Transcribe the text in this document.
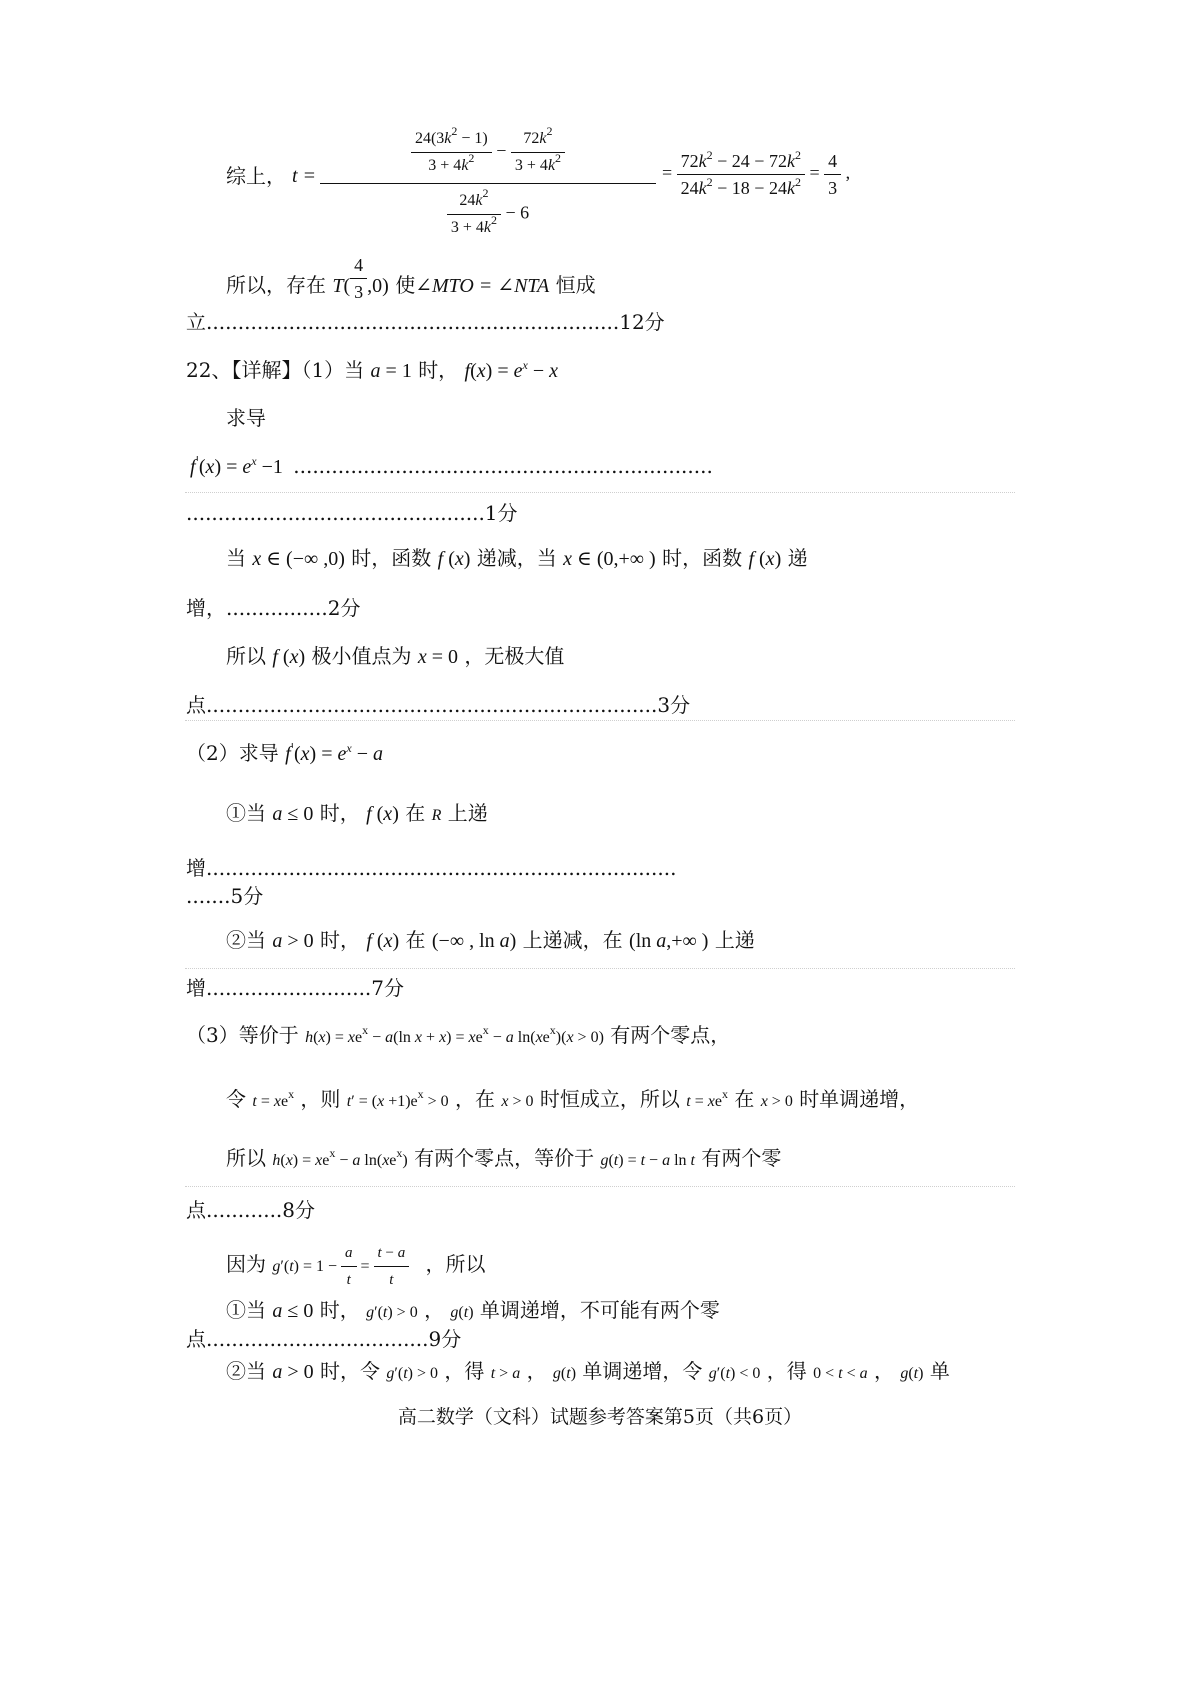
综上， t =	$\frac{24(3k^2 - 1)}{3 + 4k^2} - \frac{72k^2}{3 + 4k^2}$
$\frac{24k^2}{3 + 4k^2} - 6$
= $\frac{72k^2 - 24 - 72k^2}{24k^2 - 18 - 24k^2} = \frac{4}{3}$ ,
所以，存在 $T( \frac{4}{3} ,0)$ 使∠MTO = ∠NTA 恒成
立.................................................................12分
22、【详解】（1）当 a = 1 时， $f(x) = e^x - x$
求导
$f'(x) = e^x -1$ ..................................................................
...............................................1分
当 x ∈ (−∞ ,0) 时，函数 f (x) 递减，当 x ∈ (0,+∞ ) 时，函数 f (x) 递
增，................2分
所以 f (x) 极小值点为 x = 0 ，无极大值
点.......................................................................3分
（2）求导 $f'(x) = e^x - a$
①当 a ≤ 0 时， f (x) 在 R 上递
增..........................................................................
.......5分
②当 a > 0 时， f (x) 在 (−∞ , ln a) 上递减，在 (ln a,+∞ ) 上递
增..........................7分
（3）等价于 $h(x) = xe^x - a(\ln$ $x + x) = xe^x - a$ $\ln(xe^x)(x > 0)$ 有两个零点，
令 $t = xe^x$ ，则 $t' = (x +1)e^x > 0$ ，在 x > 0 时恒成立，所以 $t = xe^x$ 在 x > 0 时单调递增，
所以 $h(x) = xe^x - a$ $\ln(xe^x)$ 有两个零点，等价于 g(t) = t − a ln t 有两个零
点............8分
因为 $g'(t) = 1 - \frac{a}{t} = \frac{t - a}{t}$ ，所以
①当 a ≤ 0 时， g′(t) > 0 ， g(t) 单调递增，不可能有两个零
点...................................9分
②当 a > 0 时，令 g′(t) > 0 ，得 t > a ， g(t) 单调递增，令 g′(t) < 0 ，得 0 < t < a ， g(t) 单
高二数学（文科）试题参考答案第5页（共6页）
